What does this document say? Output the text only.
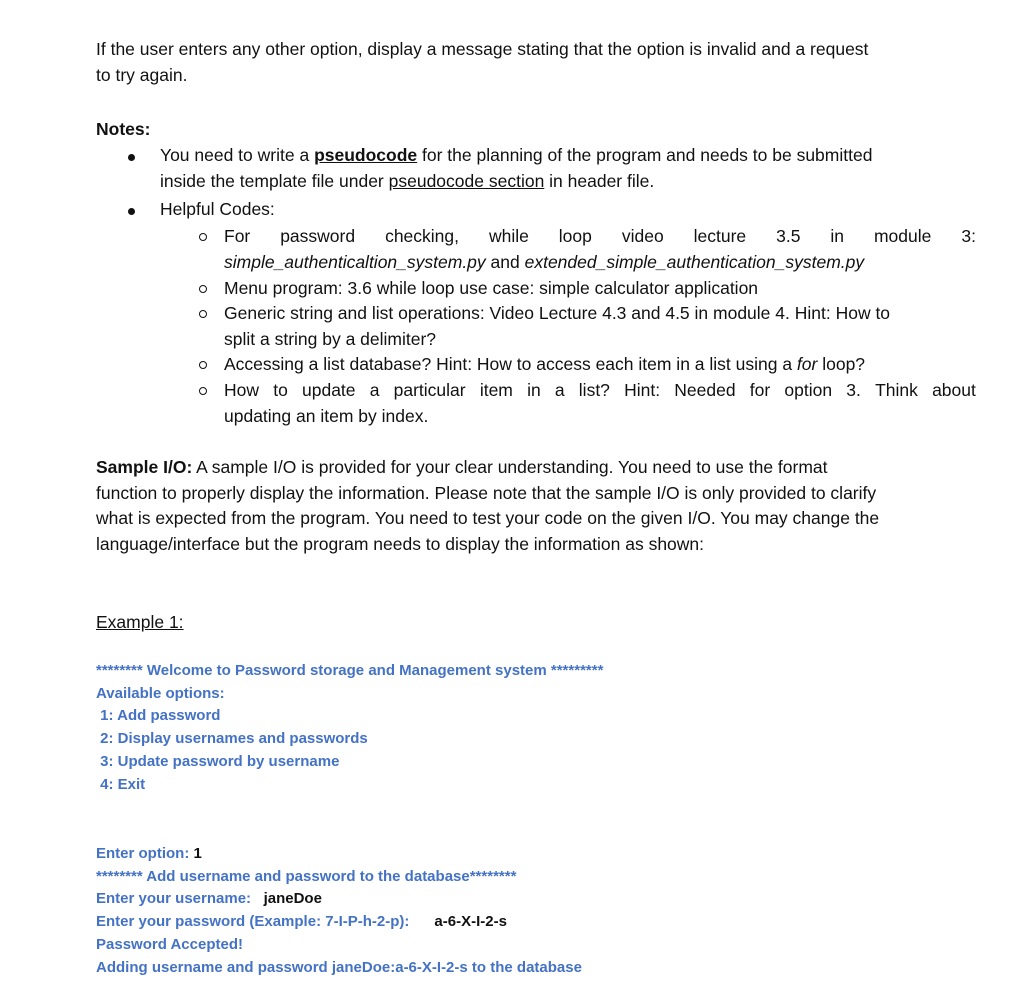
If the user enters any other option, display a message stating that the option is invalid and a request

to try again.

Notes:

You need to write a pseudocode for the planning of the program and needs to be submitted

inside the template file under pseudocode section in header file.

Helpful Codes:

For password checking, while loop video lecture 3.5 in module 3:

simple_authenticaltion_system.py and extended_simple_authentication_system.py

Menu program: 3.6 while loop use case: simple calculator application

Generic string and list operations: Video Lecture 4.3 and 4.5 in module 4. Hint: How to

split a string by a delimiter?

Accessing a list database? Hint: How to access each item in a list using a for loop?

How to update a particular item in a list? Hint: Needed for option 3. Think about

updating an item by index.

Sample I/O: A sample I/O is provided for your clear understanding. You need to use the format

function to properly display the information. Please note that the sample I/O is only provided to clarify

what is expected from the program. You need to test your code on the given I/O. You may change the

language/interface but the program needs to display the information as shown:

Example 1:

******** Welcome to Password storage and Management system *********
Available options:
1: Add password
2: Display usernames and passwords
3: Update password by username
4: Exit
Enter option: 1
******** Add username and password to the database********
Enter your username:   janeDoe
Enter your password (Example: 7-I-P-h-2-p):      a-6-X-I-2-s
Password Accepted!
Adding username and password janeDoe:a-6-X-I-2-s to the database
